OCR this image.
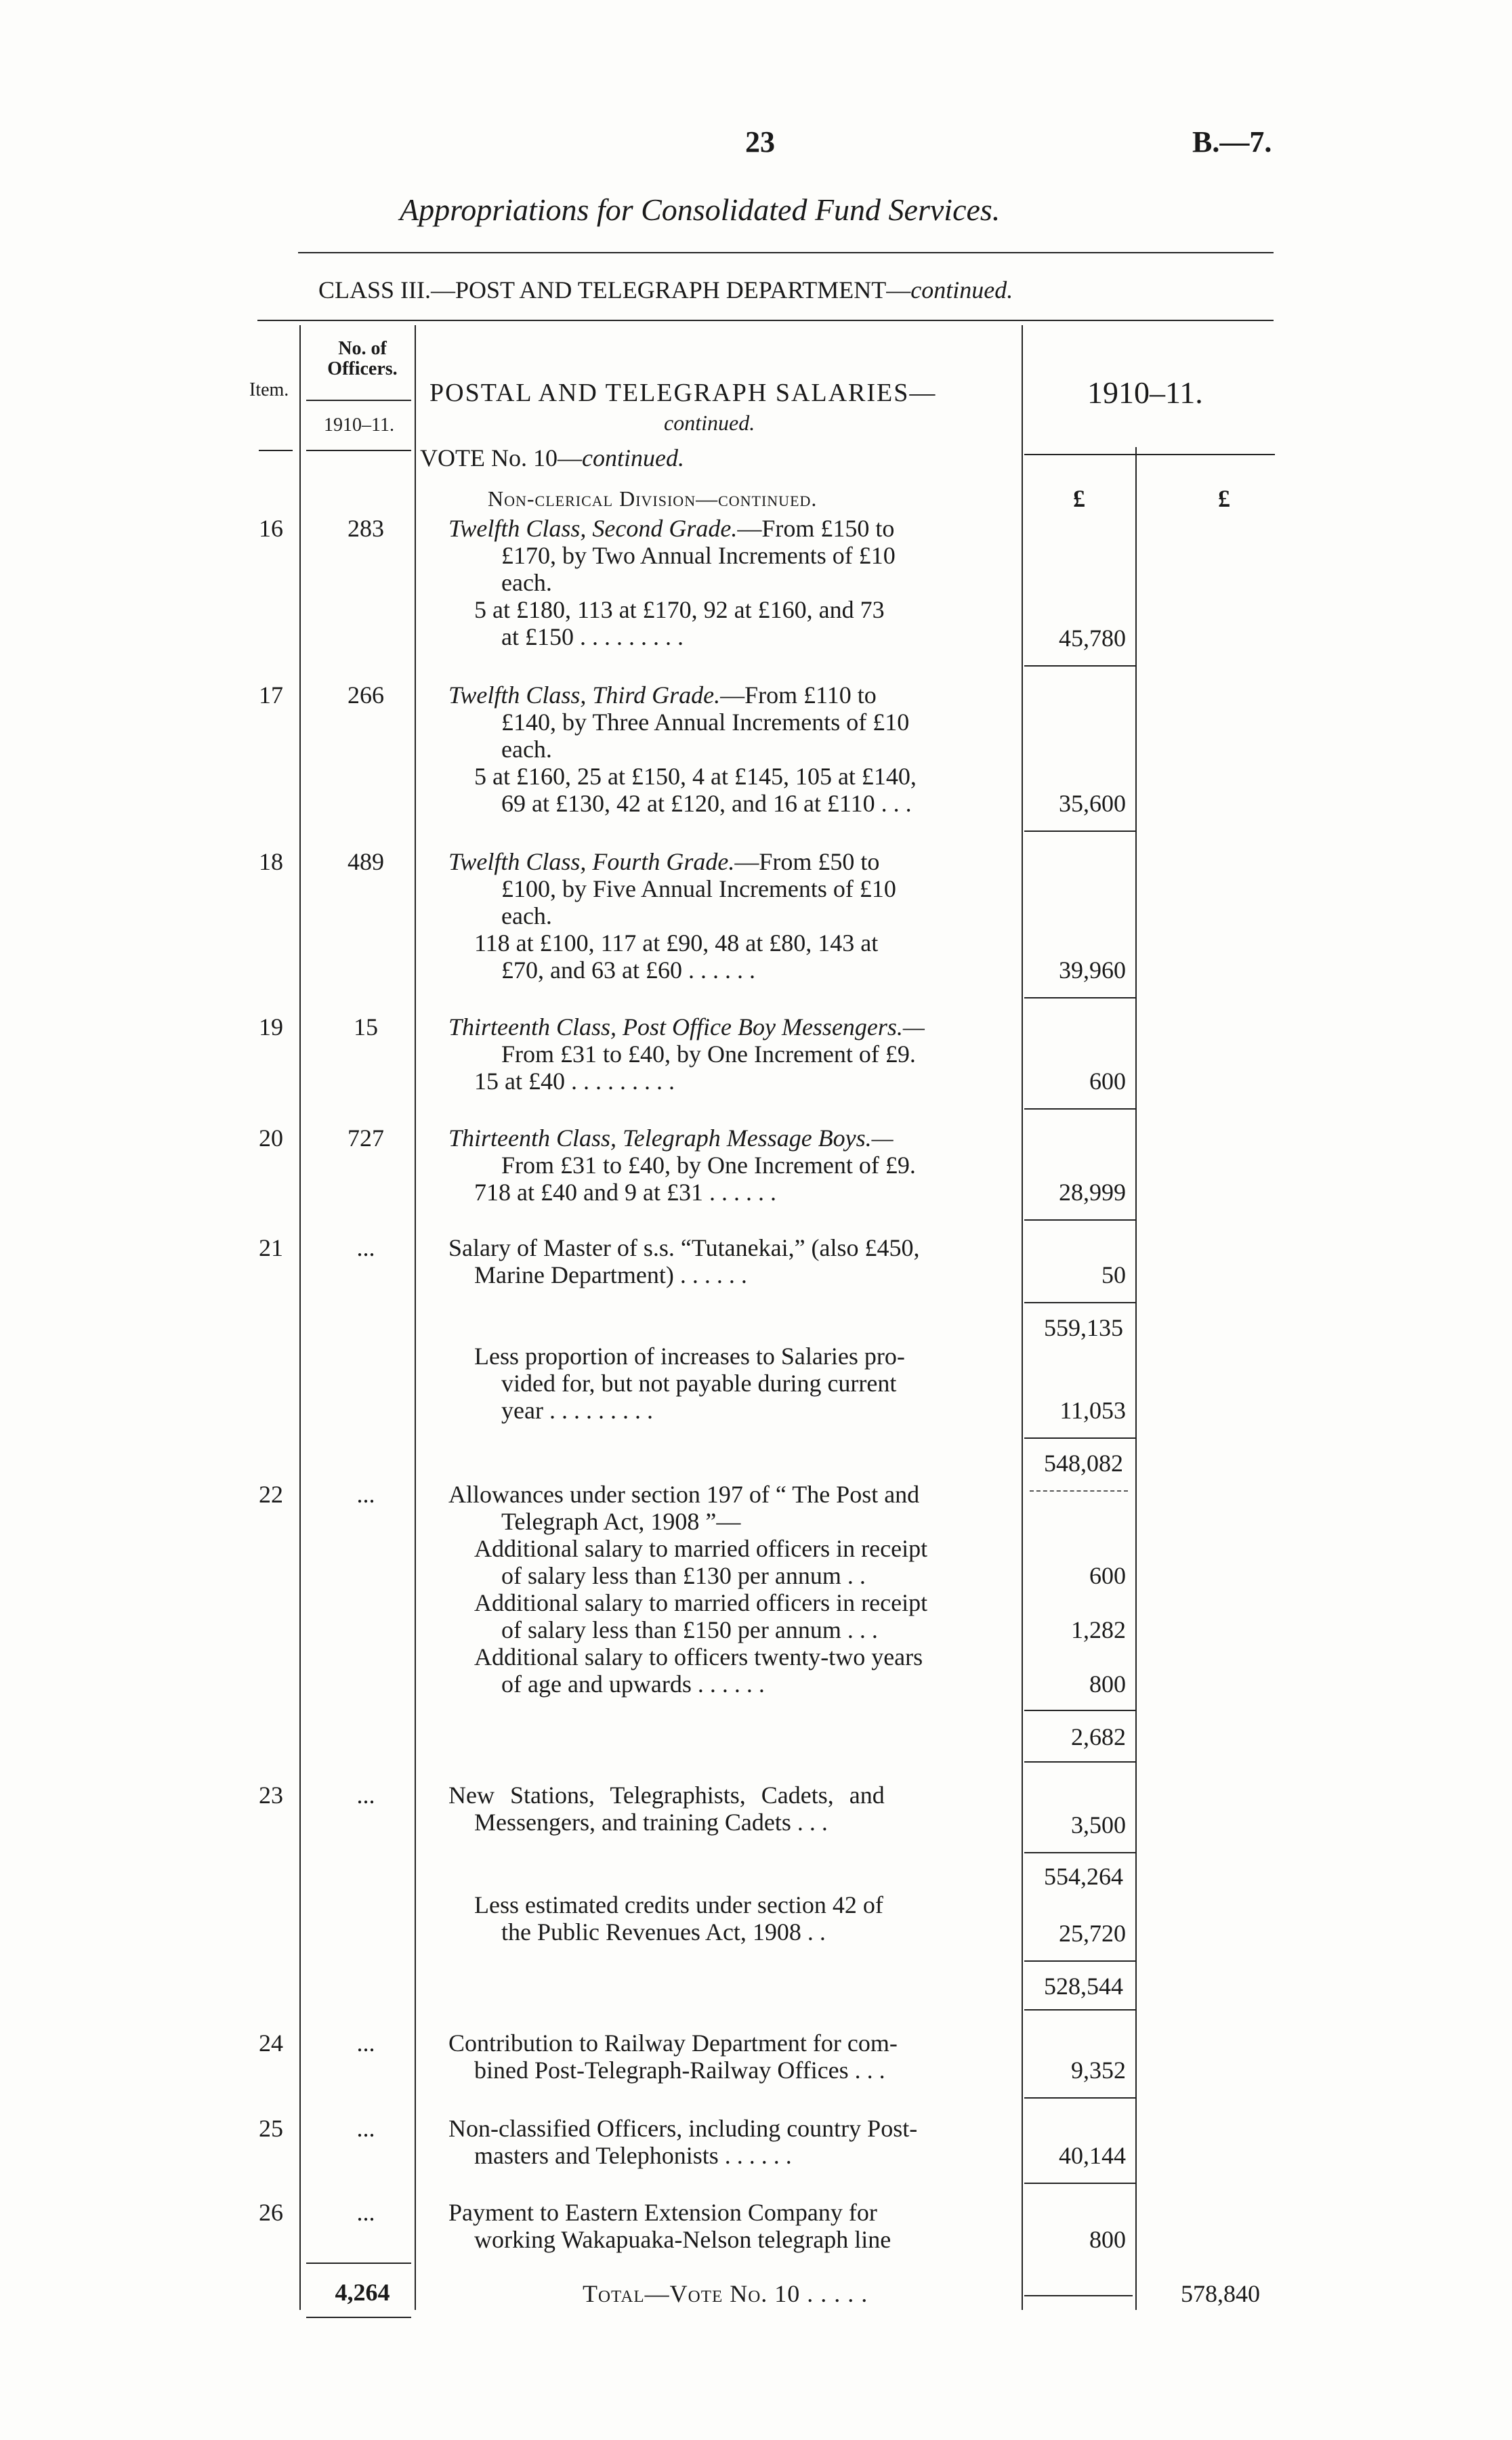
23	B.—7.
Appropriations for Consolidated Fund Services.
CLASS III.—POST AND TELEGRAPH DEPARTMENT—continued.
Item.
No. of Officers.
1910–11.
POSTAL AND TELEGRAPH SALARIES—
continued.
VOTE No. 10—continued.
1910–11.
£	£
Non-clerical Division—continued.
16	283	Twelfth Class, Second Grade.—From £150 to
£170, by Two Annual Increments of £10
each.
5 at £180, 113 at £170, 92 at £160, and 73
at £150 . . . . . . . . .	45,780
17	266	Twelfth Class, Third Grade.—From £110 to
£140, by Three Annual Increments of £10
each.
5 at £160, 25 at £150, 4 at £145, 105 at £140,
69 at £130, 42 at £120, and 16 at £110 . . .	35,600
18	489	Twelfth Class, Fourth Grade.—From £50 to
£100, by Five Annual Increments of £10
each.
118 at £100, 117 at £90, 48 at £80, 143 at
£70, and 63 at £60 . . . . . .	39,960
19	15	Thirteenth Class, Post Office Boy Messengers.—
From £31 to £40, by One Increment of £9.
15 at £40 . . . . . . . . .	600
20	727	Thirteenth Class, Telegraph Message Boys.—
From £31 to £40, by One Increment of £9.
718 at £40 and 9 at £31 . . . . . .	28,999
21	...	Salary of Master of s.s. “Tutanekai,” (also £450,
Marine Department) . . . . . .	50
559,135
Less proportion of increases to Salaries pro-
vided for, but not payable during current
year . . . . . . . . .	11,053
548,082
22	...	Allowances under section 197 of “ The Post and
Telegraph Act, 1908 ”—
Additional salary to married officers in receipt
of salary less than £130 per annum . .	600
Additional salary to married officers in receipt
of salary less than £150 per annum . . .	1,282
Additional salary to officers twenty-two years
of age and upwards . . . . . .	800
2,682
23	...	New Stations, Telegraphists, Cadets, and
Messengers, and training Cadets . . .	3,500
554,264
Less estimated credits under section 42 of
the Public Revenues Act, 1908 . .	25,720
528,544
24	...	Contribution to Railway Department for com-
bined Post-Telegraph-Railway Offices . . .	9,352
25	...	Non-classified Officers, including country Post-
masters and Telephonists . . . . . .	40,144
26	...	Payment to Eastern Extension Company for
working Wakapuaka-Nelson telegraph line	800
4,264	Total—Vote No. 10 . . . . .	578,840
